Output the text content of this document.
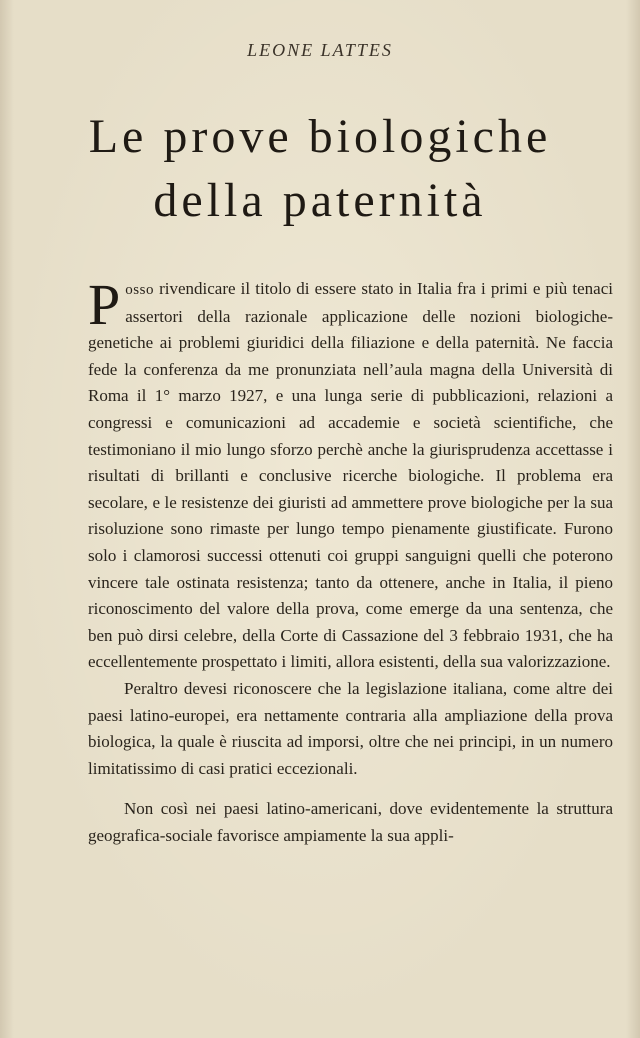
LEONE LATTES
Le prove biologiche
della paternità

Posso rivendicare il titolo di essere stato in Italia fra i primi e più tenaci assertori della razionale applicazione delle nozioni biologiche-genetiche ai problemi giuridici della filiazione e della paternità. Ne faccia fede la conferenza da me pronunziata nell’aula magna della Università di Roma il 1° marzo 1927, e una lunga serie di pubblicazioni, relazioni a congressi e comunicazioni ad accademie e società scientifiche, che testimoniano il mio lungo sforzo perchè anche la giurisprudenza accettasse i risultati di brillanti e conclusive ricerche biologiche. Il problema era secolare, e le resistenze dei giuristi ad ammettere prove biologiche per la sua risoluzione sono rimaste per lungo tempo pienamente giustificate. Furono solo i clamorosi successi ottenuti coi gruppi sanguigni quelli che poterono vincere tale ostinata resistenza; tanto da ottenere, anche in Italia, il pieno riconoscimento del valore della prova, come emerge da una sentenza, che ben può dirsi celebre, della Corte di Cassazione del 3 febbraio 1931, che ha eccellentemente prospettato i limiti, allora esistenti, della sua valorizzazione.

Peraltro devesi riconoscere che la legislazione italiana, come altre dei paesi latino-europei, era nettamente contraria alla ampliazione della prova biologica, la quale è riuscita ad imporsi, oltre che nei principi, in un numero limitatissimo di casi pratici eccezionali.

Non così nei paesi latino-americani, dove evidentemente la struttura geografica-sociale favorisce ampiamente la sua appli-
